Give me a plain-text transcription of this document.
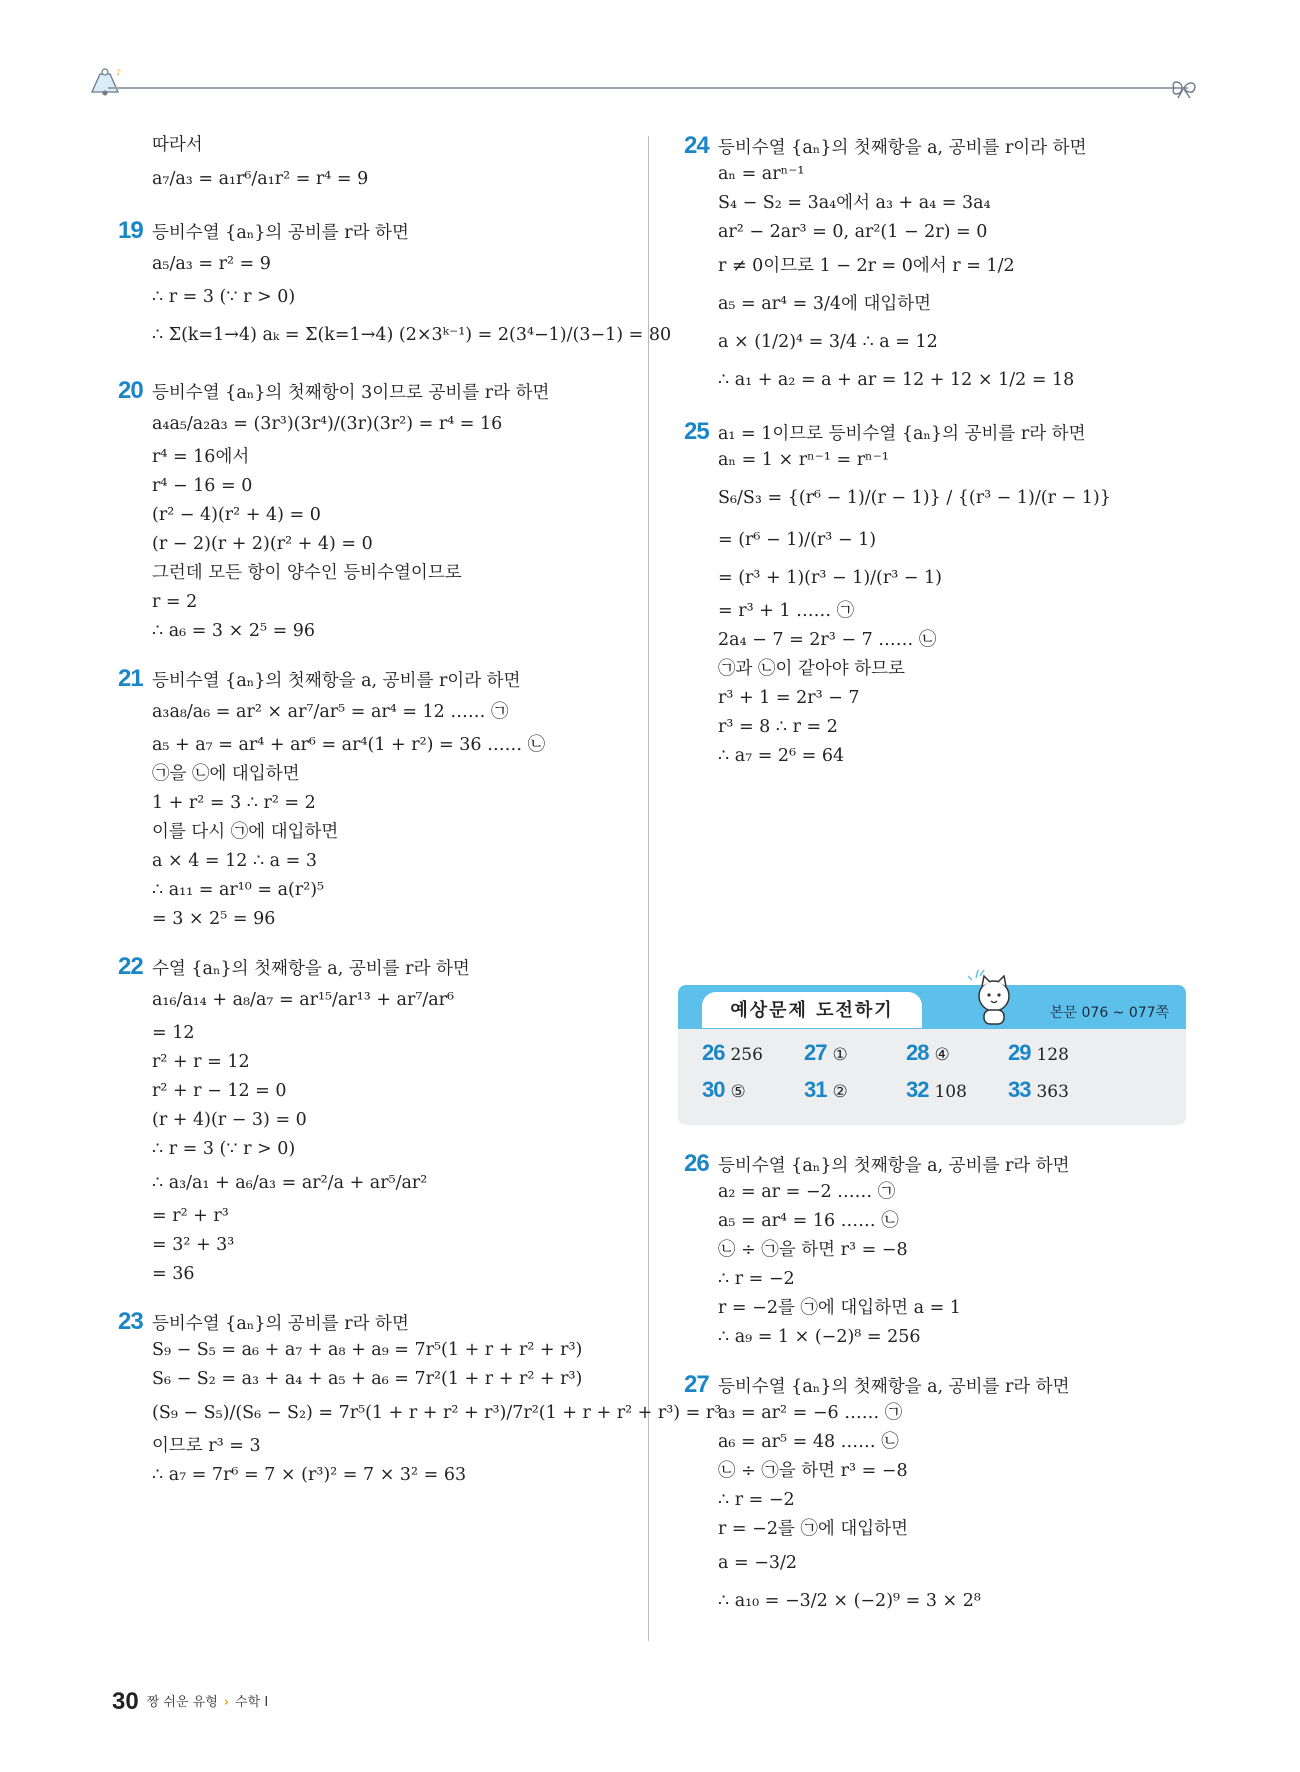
♪
따라서
a₇/a₃ = a₁r⁶/a₁r² = r⁴ = 9
19 등비수열 {aₙ}의 공비를 r라 하면
a₅/a₃ = r² = 9
∴ r = 3 (∵ r > 0)
∴ Σ(k=1→4) aₖ = Σ(k=1→4) (2×3ᵏ⁻¹) = 2(3⁴−1)/(3−1) = 80
20 등비수열 {aₙ}의 첫째항이 3이므로 공비를 r라 하면
a₄a₅/a₂a₃ = (3r³)(3r⁴)/(3r)(3r²) = r⁴ = 16
r⁴ = 16에서
r⁴ − 16 = 0
(r² − 4)(r² + 4) = 0
(r − 2)(r + 2)(r² + 4) = 0
그런데 모든 항이 양수인 등비수열이므로
r = 2
∴ a₆ = 3 × 2⁵ = 96
21 등비수열 {aₙ}의 첫째항을 a, 공비를 r이라 하면
a₃a₈/a₆ = ar² × ar⁷/ar⁵ = ar⁴ = 12 …… ㉠
a₅ + a₇ = ar⁴ + ar⁶ = ar⁴(1 + r²) = 36 …… ㉡
㉠을 ㉡에 대입하면
1 + r² = 3 ∴ r² = 2
이를 다시 ㉠에 대입하면
a × 4 = 12 ∴ a = 3
∴ a₁₁ = ar¹⁰ = a(r²)⁵
= 3 × 2⁵ = 96
22 수열 {aₙ}의 첫째항을 a, 공비를 r라 하면
a₁₆/a₁₄ + a₈/a₇ = ar¹⁵/ar¹³ + ar⁷/ar⁶
= 12
r² + r = 12
r² + r − 12 = 0
(r + 4)(r − 3) = 0
∴ r = 3 (∵ r > 0)
∴ a₃/a₁ + a₆/a₃ = ar²/a + ar⁵/ar²
= r² + r³
= 3² + 3³
= 36
23 등비수열 {aₙ}의 공비를 r라 하면
S₉ − S₅ = a₆ + a₇ + a₈ + a₉ = 7r⁵(1 + r + r² + r³)
S₆ − S₂ = a₃ + a₄ + a₅ + a₆ = 7r²(1 + r + r² + r³)
(S₉ − S₅)/(S₆ − S₂) = 7r⁵(1 + r + r² + r³)/7r²(1 + r + r² + r³) = r³
이므로 r³ = 3
∴ a₇ = 7r⁶ = 7 × (r³)² = 7 × 3² = 63
24 등비수열 {aₙ}의 첫째항을 a, 공비를 r이라 하면
aₙ = arⁿ⁻¹
S₄ − S₂ = 3a₄에서 a₃ + a₄ = 3a₄
ar² − 2ar³ = 0, ar²(1 − 2r) = 0
r ≠ 0이므로 1 − 2r = 0에서 r = 1/2
a₅ = ar⁴ = 3/4에 대입하면
a × (1/2)⁴ = 3/4 ∴ a = 12
∴ a₁ + a₂ = a + ar = 12 + 12 × 1/2 = 18
25 a₁ = 1이므로 등비수열 {aₙ}의 공비를 r라 하면
aₙ = 1 × rⁿ⁻¹ = rⁿ⁻¹
S₆/S₃ = {(r⁶ − 1)/(r − 1)} / {(r³ − 1)/(r − 1)}
= (r⁶ − 1)/(r³ − 1)
= (r³ + 1)(r³ − 1)/(r³ − 1)
= r³ + 1 …… ㉠
2a₄ − 7 = 2r³ − 7 …… ㉡
㉠과 ㉡이 같아야 하므로
r³ + 1 = 2r³ − 7
r³ = 8 ∴ r = 2
∴ a₇ = 2⁶ = 64
26 등비수열 {aₙ}의 첫째항을 a, 공비를 r라 하면
a₂ = ar = −2 …… ㉠
a₅ = ar⁴ = 16 …… ㉡
㉡ ÷ ㉠을 하면 r³ = −8
∴ r = −2
r = −2를 ㉠에 대입하면 a = 1
∴ a₉ = 1 × (−2)⁸ = 256
27 등비수열 {aₙ}의 첫째항을 a, 공비를 r라 하면
a₃ = ar² = −6 …… ㉠
a₆ = ar⁵ = 48 …… ㉡
㉡ ÷ ㉠을 하면 r³ = −8
∴ r = −2
r = −2를 ㉠에 대입하면
a = −3/2
∴ a₁₀ = −3/2 × (−2)⁹ = 3 × 2⁸
예상문제 도전하기	본문 076 ~ 077쪽
26 256 27 ①	28 ④	29 128
30 ⑤	31 ②	32 108 33 363
30 짱 쉬운 유형 › 수학 Ⅰ
